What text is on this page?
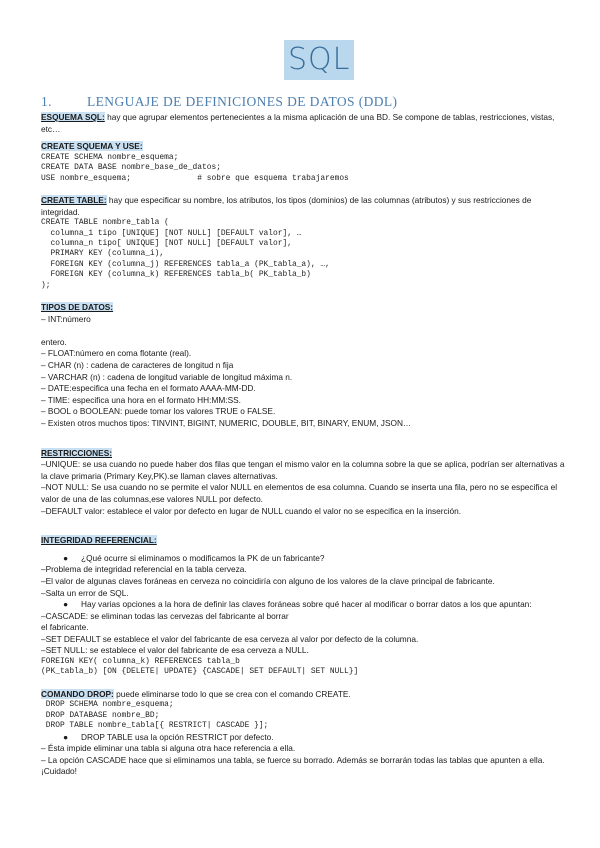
SQL
1.	LENGUAJE DE DEFINICIONES DE DATOS (DDL)

ESQUEMA SQL: hay que agrupar elementos pertenecientes a la misma aplicación de una BD. Se compone de tablas, restricciones, vistas, etc…

CREATE SQUEMA Y USE:

CREATE SCHEMA nombre_esquema;
CREATE DATA BASE nombre_base_de_datos;
USE nombre_esquema;              # sobre que esquema trabajaremos

CREATE TABLE: hay que especificar su nombre, los atributos, los tipos (dominios) de las columnas (atributos) y sus restricciones de integridad.

CREATE TABLE nombre_tabla (
columna_1 tipo [UNIQUE] [NOT NULL] [DEFAULT valor], …
columna_n tipo[ UNIQUE] [NOT NULL] [DEFAULT valor],
PRIMARY KEY (columna_i),
FOREIGN KEY (columna_j) REFERENCES tabla_a (PK_tabla_a), …,
FOREIGN KEY (columna_k) REFERENCES tabla_b( PK_tabla_b)
);

TIPOS DE DATOS:

– INT:número

entero.

– FLOAT:número en coma flotante (real).

– CHAR (n) : cadena de caracteres de longitud n fija

– VARCHAR (n) : cadena de longitud variable de longitud máxima n.

– DATE:especifica una fecha en el formato AAAA-MM-DD.

– TIME: especifica una hora en el formato HH:MM:SS.

– BOOL o BOOLEAN: puede tomar los valores TRUE o FALSE.

– Existen otros muchos tipos: TINVINT, BIGINT, NUMERIC, DOUBLE, BIT, BINARY, ENUM, JSON…

RESTRICCIONES:

–UNIQUE: se usa cuando no puede haber dos filas que tengan el mismo valor en la columna sobre la que se aplica, podrían ser alternativas a la clave primaria (Primary Key,PK).se llaman claves alternativas.

–NOT NULL: Se usa cuando no se permite el valor NULL en elementos de esa columna. Cuando se inserta una fila, pero no se especifica el valor de una de las columnas,ese valores NULL por defecto.

–DEFAULT valor: establece el valor por defecto en lugar de NULL cuando el valor no se especifica en la inserción.

INTEGRIDAD REFERENCIAL:

● ¿Qué ocurre si eliminamos o modificamos la PK de un fabricante?

–Problema de integridad referencial en la tabla cerveza.

–El valor de algunas claves foráneas en cerveza no coincidiría con alguno de los valores de la clave principal de fabricante.

–Salta un error de SQL.

● Hay varias opciones a la hora de definir las claves foráneas sobre qué hacer al modificar o borrar datos a los que apuntan:

–CASCADE: se eliminan todas las cervezas del fabricante al borrar

el fabricante.

–SET DEFAULT se establece el valor del fabricante de esa cerveza al valor por defecto de la columna.

–SET NULL: se establece el valor del fabricante de esa cerveza a NULL.

FOREIGN KEY( columna_k) REFERENCES tabla_b
(PK_tabla_b) [ON {DELETE| UPDATE} {CASCADE| SET DEFAULT| SET NULL}]

COMANDO DROP: puede eliminarse todo lo que se crea con el comando CREATE.

DROP SCHEMA nombre_esquema;
DROP DATABASE nombre_BD;
DROP TABLE nombre_tabla[{ RESTRICT| CASCADE }];

● DROP TABLE usa la opción RESTRICT por defecto.

– Ésta impide eliminar una tabla si alguna otra hace referencia a ella.

– La opción CASCADE hace que si eliminamos una tabla, se fuerce su borrado. Además se borrarán todas las tablas que apunten a ella. ¡Cuidado!
